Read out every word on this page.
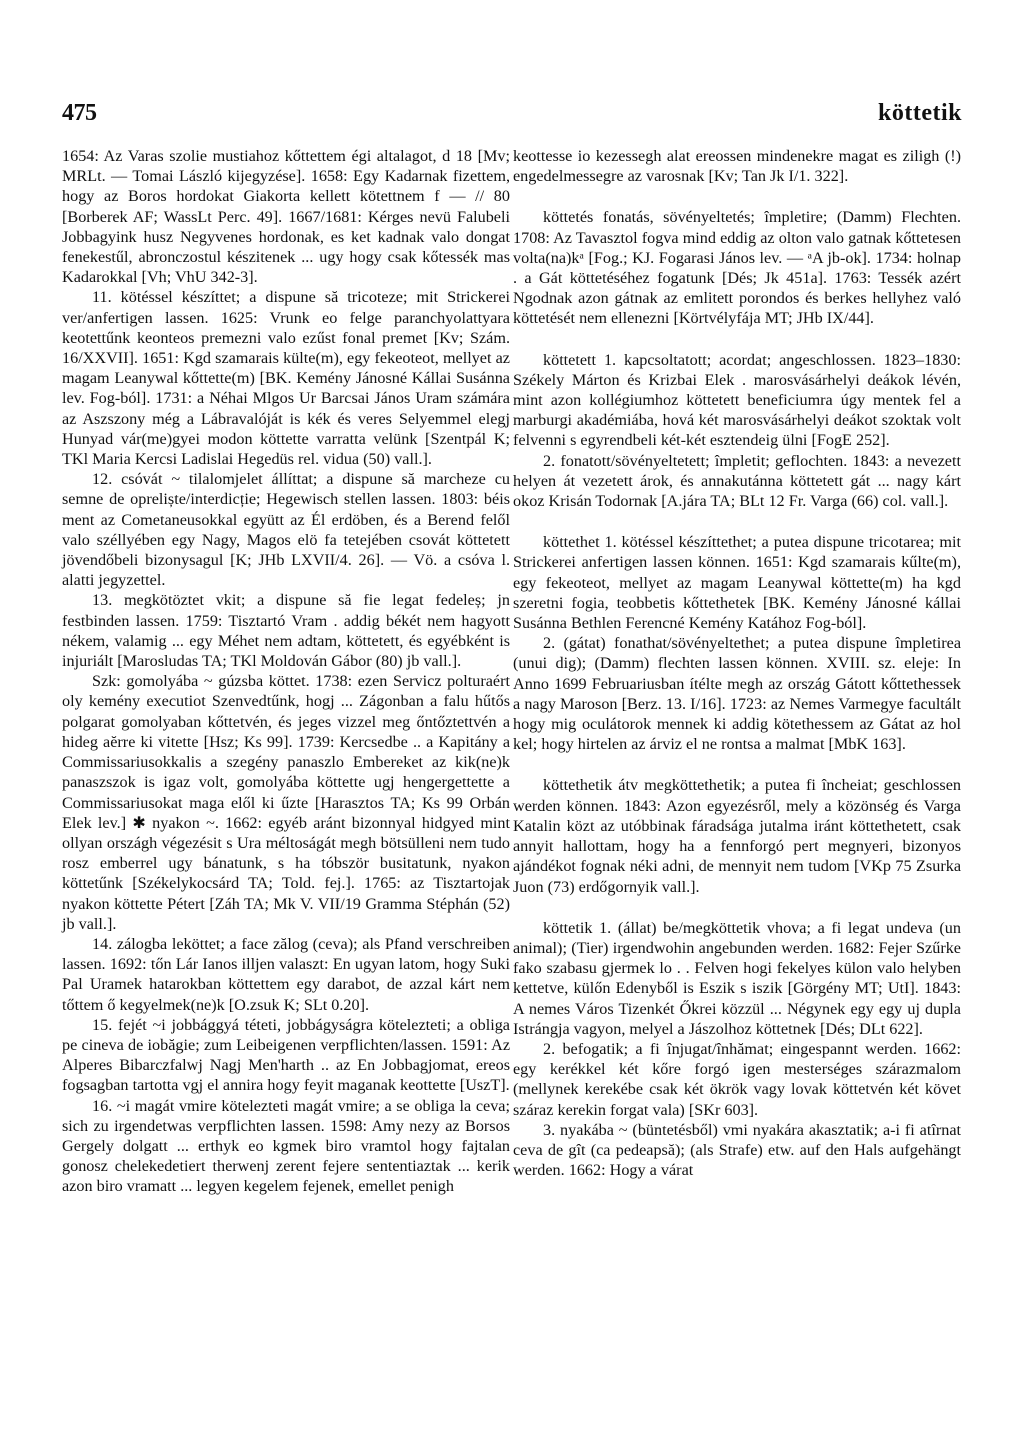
475	köttetik

1654: Az Varas szolie mustiahoz kőttettem égi altalagot, d 18 [Mv; MRLt. — Tomai László kijegyzése]. 1658: Egy Kadarnak fizettem, hogy az Boros hordokat Giakorta kellett kötettnem f — // 80 [Borberek AF; WassLt Perc. 49]. 1667/1681: Kérges nevü Falubeli Jobbagyink husz Negyvenes hordonak, es ket kadnak valo dongat fenekestűl, abronczostul készitenek ... ugy hogy csak kőtessék mas Kadarokkal [Vh; VhU 342-3].

11. kötéssel készíttet; a dispune să tricoteze; mit Strickerei ver/anfertigen lassen. 1625: Vrunk eo felge paranchyolattyara keotettűnk keonteos premezni valo ezűst fonal premet [Kv; Szám. 16/XXVII]. 1651: Kgd szamarais külte(m), egy fekeoteot, mellyet az magam Leanywal kőttette(m) [BK. Kemény Jánosné Kállai Susánna lev. Fog-ból]. 1731: a Néhai Mlgos Ur Barcsai János Uram számára az Aszszony még a Lábravalóját is kék és veres Selyemmel elegj Hunyad vár(me)gyei modon köttette varratta velünk [Szentpál K; TKl Maria Kercsi Ladislai Hegedüs rel. vidua (50) vall.].

12. csóvát ~ tilalomjelet állíttat; a dispune să marcheze cu semne de opreliște/interdicție; Hegewisch stellen lassen. 1803: béis ment az Cometaneusokkal együtt az Él erdöben, és a Berend felől valo széllyében egy Nagy, Magos elö fa tetejében csovát köttetett jövendőbeli bizonysagul [K; JHb LXVII/4. 26]. — Vö. a csóva l. alatti jegyzettel.

13. megkötöztet vkit; a dispune să fie legat fedeleș; jn festbinden lassen. 1759: Tisztartó Vram . addig békét nem hagyott nékem, valamig ... egy Méhet nem adtam, köttetett, és egyébként is injuriált [Marosludas TA; TKl Moldován Gábor (80) jb vall.].

Szk: gomolyába ~ gúzsba köttet. 1738: ezen Servicz polturaért oly kemény executiot Szenvedtűnk, hogj ... Zágonban a falu hűtős polgarat gomolyaban kőttetvén, és jeges vizzel meg őntőztettvén a hideg aĕrre ki vitette [Hsz; Ks 99]. 1739: Kercsedbe .. a Kapitány a Commissariusokkalis a szegény panaszlo Embereket az kik(ne)k panaszszok is igaz volt, gomolyába köttette ugj hengergettette a Commissariusokat maga elől ki űzte [Harasztos TA; Ks 99 Orbán Elek lev.] ✱ nyakon ~. 1662: egyéb aránt bizonnyal hidgyed mint ollyan országh végezésit s Ura méltoságát megh bötsülleni nem tudo rosz emberrel ugy bánatunk, s ha tóbször busitatunk, nyakon köttetűnk [Székelykocsárd TA; Told. fej.]. 1765: az Tisztartojak nyakon köttette Pétert [Záh TA; Mk V. VII/19 Gramma Stéphán (52) jb vall.].

14. zálogba leköttet; a face zălog (ceva); als Pfand verschreiben lassen. 1692: tőn Lár Ianos illjen valaszt: En ugyan latom, hogy Suki Pal Uramek hatarokban köttettem egy darabot, de azzal kárt nem tőttem ő kegyelmek(ne)k [O.zsuk K; SLt 0.20].

15. fejét ~i jobbággyá téteti, jobbágyságra kötelezteti; a obliga pe cineva de iobăgie; zum Leibeigenen verpflichten/lassen. 1591: Az Alperes Bibarczfalwj Nagj Men'harth .. az En Jobbagjomat, ereos fogsagban tartotta vgj el annira hogy feyit maganak keottette [UszT].

16. ~i magát vmire kötelezteti magát vmire; a se obliga la ceva; sich zu irgendetwas verpflichten lassen. 1598: Amy nezy az Borsos Gergely dolgatt ... erthyk eo kgmek biro vramtol hogy fajtalan gonosz chelekedetiert therwenj zerent fejere sententiaztak ... kerik azon biro vramatt ... legyen kegelem fejenek, emellet penigh

keottesse io kezessegh alat ereossen mindenekre magat es ziligh (!) engedelmessegre az varosnak [Kv; Tan Jk I/1. 322].

köttetés fonatás, sövényeltetés; împletire; (Damm) Flechten. 1708: Az Tavasztol fogva mind eddig az olton valo gatnak kőttetesen volta(na)kᵃ [Fog.; KJ. Fogarasi János lev. — ᵃA jb-ok]. 1734: holnap . a Gát köttetéséhez fogatunk [Dés; Jk 451a]. 1763: Tessék azért Ngodnak azon gátnak az emlitett porondos és berkes hellyhez való köttetését nem ellenezni [Körtvélyfája MT; JHb IX/44].

köttetett 1. kapcsoltatott; acordat; angeschlossen. 1823–1830: Székely Márton és Krizbai Elek . marosvásárhelyi deákok lévén, mint azon kollégiumhoz köttetett beneficiumra úgy mentek fel a marburgi akadémiába, hová két marosvásárhelyi deákot szoktak volt felvenni s egyrendbeli két-két esztendeig ülni [FogE 252].

2. fonatott/sövényeltetett; împletit; geflochten. 1843: a nevezett helyen át vezetett árok, és annakutánna köttetett gát ... nagy kárt okoz Krisán Todornak [A.jára TA; BLt 12 Fr. Varga (66) col. vall.].

köttethet 1. kötéssel készíttethet; a putea dispune tricotarea; mit Strickerei anfertigen lassen können. 1651: Kgd szamarais kűlte(m), egy fekeoteot, mellyet az magam Leanywal köttette(m) ha kgd szeretni fogia, teobbetis kőttethetek [BK. Kemény Jánosné kállai Susánna Bethlen Ferencné Kemény Katához Fog-ból].

2. (gátat) fonathat/sövényeltethet; a putea dispune împletirea (unui dig); (Damm) flechten lassen können. XVIII. sz. eleje: In Anno 1699 Februariusban ítélte megh az ország Gátott kőttethessek a nagy Maroson [Berz. 13. I/16]. 1723: az Nemes Varmegye facultált hogy mig oculátorok mennek ki addig kötethessem az Gátat az hol kel; hogy hirtelen az árviz el ne rontsa a malmat [MbK 163].

köttethetik átv megköttethetik; a putea fi încheiat; geschlossen werden können. 1843: Azon egyezésről, mely a közönség és Varga Katalin közt az utóbbinak fáradsága jutalma iránt köttethetett, csak annyit hallottam, hogy ha a fennforgó pert megnyeri, bizonyos ajándékot fognak néki adni, de mennyit nem tudom [VKp 75 Zsurka Juon (73) erdőgornyik vall.].

köttetik 1. (állat) be/megköttetik vhova; a fi legat undeva (un animal); (Tier) irgendwohin angebunden werden. 1682: Fejer Szűrke fako szabasu gjermek lo . . Felven hogi fekelyes külon valo helyben kettetve, külőn Edenyből is Eszik s iszik [Görgény MT; UtI]. 1843: A nemes Város Tizenkét Őkrei közzül ... Négynek egy egy uj dupla Istrángja vagyon, melyel a Jászolhoz köttetnek [Dés; DLt 622].

2. befogatik; a fi înjugat/înhămat; eingespannt werden. 1662: egy kerékkel két kőre forgó igen mesterséges szárazmalom (mellynek kerekébe csak két ökrök vagy lovak köttetvén két követ száraz kerekin forgat vala) [SKr 603].

3. nyakába ~ (büntetésből) vmi nyakára akasztatik; a-i fi atîrnat ceva de gît (ca pedeapsă); (als Strafe) etw. auf den Hals aufgehängt werden. 1662: Hogy a várat
